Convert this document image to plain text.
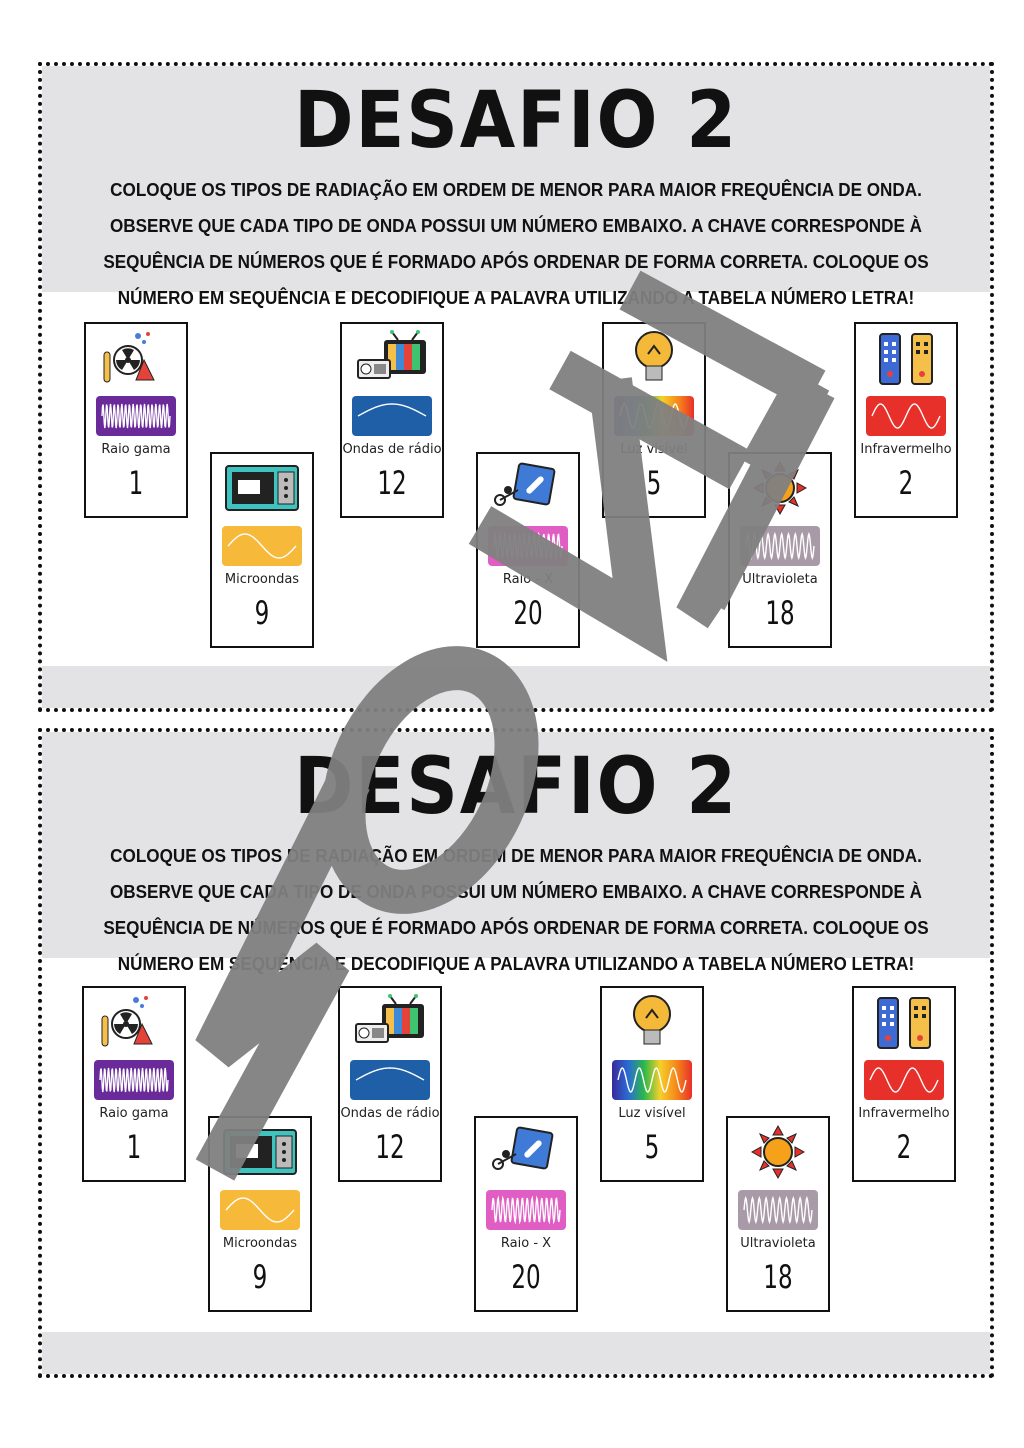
DESAFIO 2
COLOQUE OS TIPOS DE RADIAÇÃO EM ORDEM DE MENOR PARA MAIOR FREQUÊNCIA DE ONDA. OBSERVE QUE CADA TIPO DE ONDA POSSUI UM NÚMERO EMBAIXO. A CHAVE CORRESPONDE À SEQUÊNCIA DE NÚMEROS QUE É FORMADO APÓS ORDENAR DE FORMA CORRETA. COLOQUE OS NÚMERO EM SEQUÊNCIA E DECODIFIQUE A PALAVRA UTILIZANDO A TABELA NÚMERO LETRA!
Raio gama
1
Microondas
9
Ondas de rádio
12
Raio - X
20
Luz visível
5
Ultravioleta
18
Infravermelho
2
DESAFIO 2
COLOQUE OS TIPOS DE RADIAÇÃO EM ORDEM DE MENOR PARA MAIOR FREQUÊNCIA DE ONDA. OBSERVE QUE CADA TIPO DE ONDA POSSUI UM NÚMERO EMBAIXO. A CHAVE CORRESPONDE À SEQUÊNCIA DE NÚMEROS QUE É FORMADO APÓS ORDENAR DE FORMA CORRETA. COLOQUE OS NÚMERO EM SEQUÊNCIA E DECODIFIQUE A PALAVRA UTILIZANDO A TABELA NÚMERO LETRA!
Raio gama
1
Microondas
9
Ondas de rádio
12
Raio - X
20
Luz visível
5
Ultravioleta
18
Infravermelho
2
